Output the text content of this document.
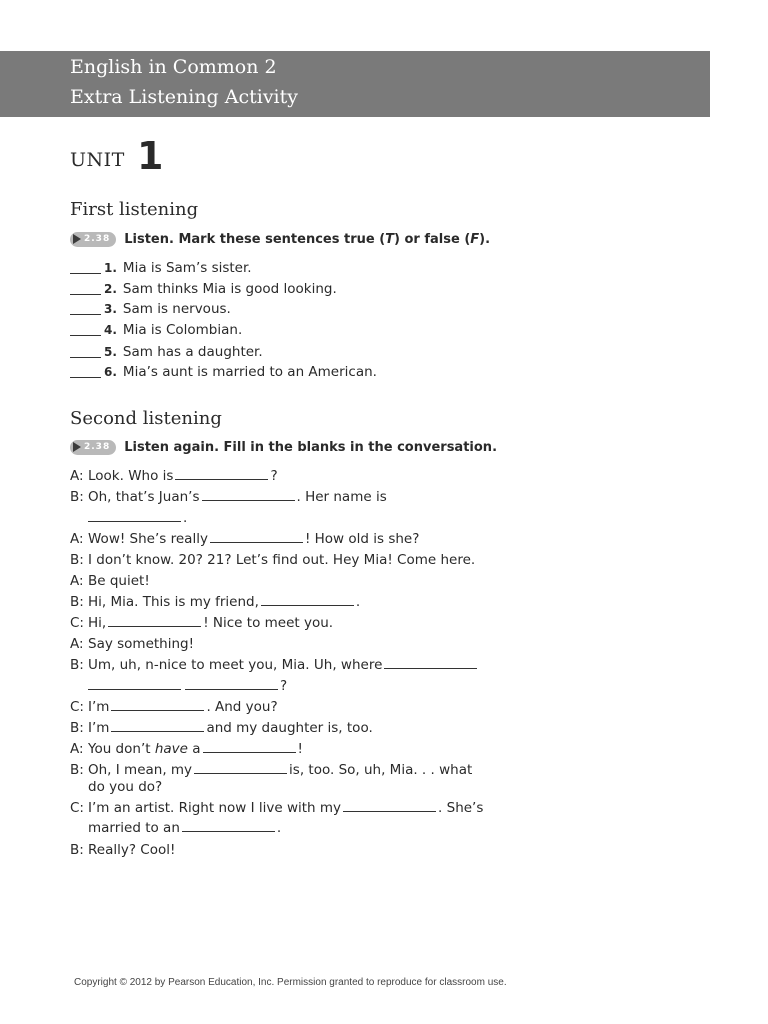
English in Common 2
Extra Listening Activity
UNIT 1
First listening
2.38 Listen. Mark these sentences true (T) or false (F).
1. Mia is Sam’s sister.
2. Sam thinks Mia is good looking.
3. Sam is nervous.
4. Mia is Colombian.
5. Sam has a daughter.
6. Mia’s aunt is married to an American.
Second listening
2.38 Listen again. Fill in the blanks in the conversation.
A: Look. Who is	?
B: Oh, that’s Juan’s	. Her name is
.
A: Wow! She’s really	! How old is she?
B: I don’t know. 20? 21? Let’s find out. Hey Mia! Come here.
A: Be quiet!
B: Hi, Mia. This is my friend,	.
C: Hi,	! Nice to meet you.
A: Say something!
B: Um, uh, n-nice to meet you, Mia. Uh, where
?
C: I’m	. And you?
B: I’m	and my daughter is, too.
A: You don’t
have
a	!
B: Oh, I mean, my	is, too. So, uh, Mia. . . what
do you do?
C: I’m an artist. Right now I live with my	. She’s
married to an	.
B: Really? Cool!
Copyright © 2012 by Pearson Education, Inc. Permission granted to reproduce for classroom use.
